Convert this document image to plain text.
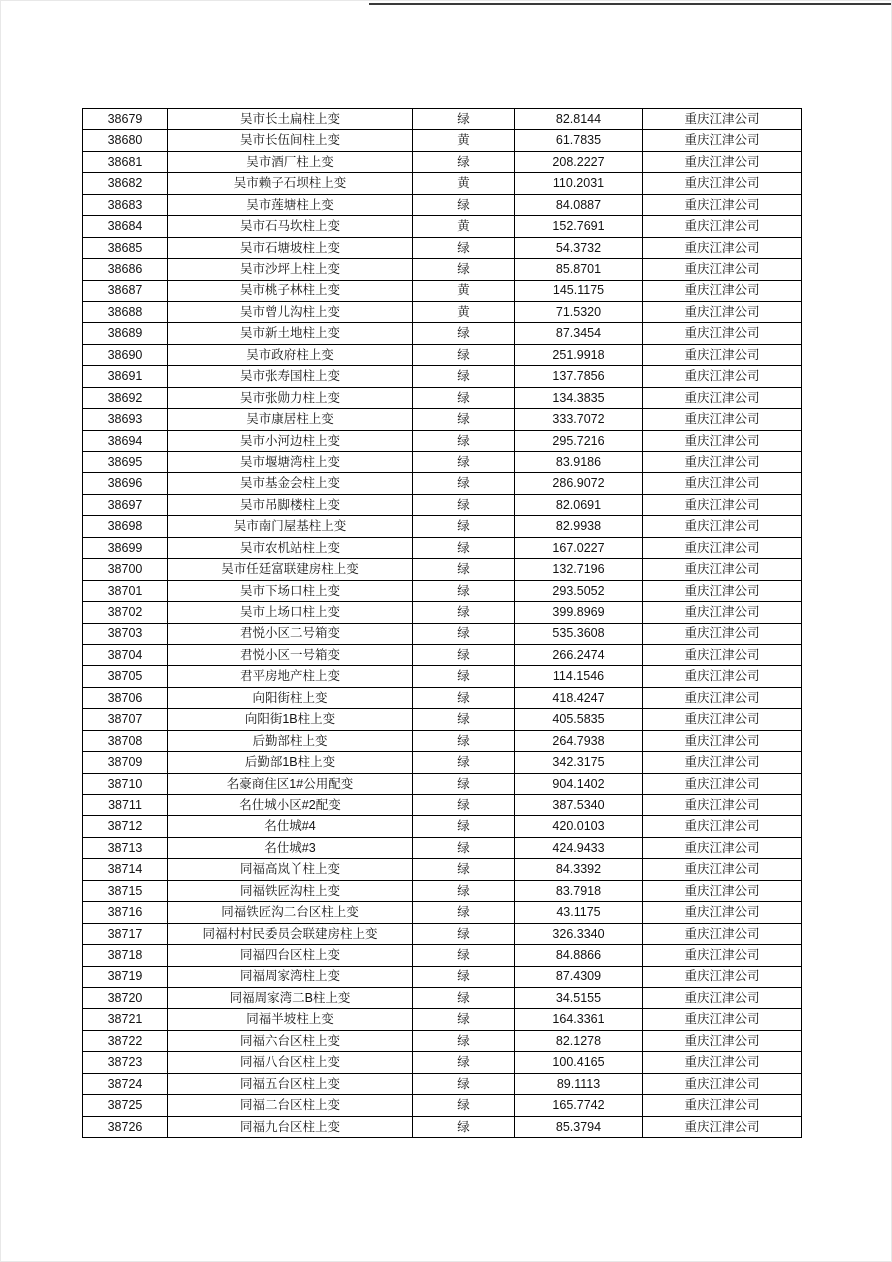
38679	吴市长土扁柱上变	绿	82.8144	重庆江津公司
38680	吴市长伍间柱上变	黄	61.7835	重庆江津公司
38681	吴市酒厂柱上变	绿	208.2227	重庆江津公司
38682	吴市赖子石坝柱上变	黄	110.2031	重庆江津公司
38683	吴市莲塘柱上变	绿	84.0887	重庆江津公司
38684	吴市石马坎柱上变	黄	152.7691	重庆江津公司
38685	吴市石塘坡柱上变	绿	54.3732	重庆江津公司
38686	吴市沙坪上柱上变	绿	85.8701	重庆江津公司
38687	吴市桃子林柱上变	黄	145.1175	重庆江津公司
38688	吴市曾儿沟柱上变	黄	71.5320	重庆江津公司
38689	吴市新土地柱上变	绿	87.3454	重庆江津公司
38690	吴市政府柱上变	绿	251.9918	重庆江津公司
38691	吴市张寿国柱上变	绿	137.7856	重庆江津公司
38692	吴市张勋力柱上变	绿	134.3835	重庆江津公司
38693	吴市康居柱上变	绿	333.7072	重庆江津公司
38694	吴市小河边柱上变	绿	295.7216	重庆江津公司
38695	吴市堰塘湾柱上变	绿	83.9186	重庆江津公司
38696	吴市基金会柱上变	绿	286.9072	重庆江津公司
38697	吴市吊脚楼柱上变	绿	82.0691	重庆江津公司
38698	吴市南门屋基柱上变	绿	82.9938	重庆江津公司
38699	吴市农机站柱上变	绿	167.0227	重庆江津公司
38700	吴市任廷富联建房柱上变	绿	132.7196	重庆江津公司
38701	吴市下场口柱上变	绿	293.5052	重庆江津公司
38702	吴市上场口柱上变	绿	399.8969	重庆江津公司
38703	君悦小区二号箱变	绿	535.3608	重庆江津公司
38704	君悦小区一号箱变	绿	266.2474	重庆江津公司
38705	君平房地产柱上变	绿	114.1546	重庆江津公司
38706	向阳街柱上变	绿	418.4247	重庆江津公司
38707	向阳街1B柱上变	绿	405.5835	重庆江津公司
38708	后勤部柱上变	绿	264.7938	重庆江津公司
38709	后勤部1B柱上变	绿	342.3175	重庆江津公司
38710	名豪商住区1#公用配变	绿	904.1402	重庆江津公司
38711	名仕城小区#2配变	绿	387.5340	重庆江津公司
38712	名仕城#4	绿	420.0103	重庆江津公司
38713	名仕城#3	绿	424.9433	重庆江津公司
38714	同福高岚丫柱上变	绿	84.3392	重庆江津公司
38715	同福铁匠沟柱上变	绿	83.7918	重庆江津公司
38716	同福铁匠沟二台区柱上变	绿	43.1175	重庆江津公司
38717	同福村村民委员会联建房柱上变	绿	326.3340	重庆江津公司
38718	同福四台区柱上变	绿	84.8866	重庆江津公司
38719	同福周家湾柱上变	绿	87.4309	重庆江津公司
38720	同福周家湾二B柱上变	绿	34.5155	重庆江津公司
38721	同福半坡柱上变	绿	164.3361	重庆江津公司
38722	同福六台区柱上变	绿	82.1278	重庆江津公司
38723	同福八台区柱上变	绿	100.4165	重庆江津公司
38724	同福五台区柱上变	绿	89.1113	重庆江津公司
38725	同福二台区柱上变	绿	165.7742	重庆江津公司
38726	同福九台区柱上变	绿	85.3794	重庆江津公司
